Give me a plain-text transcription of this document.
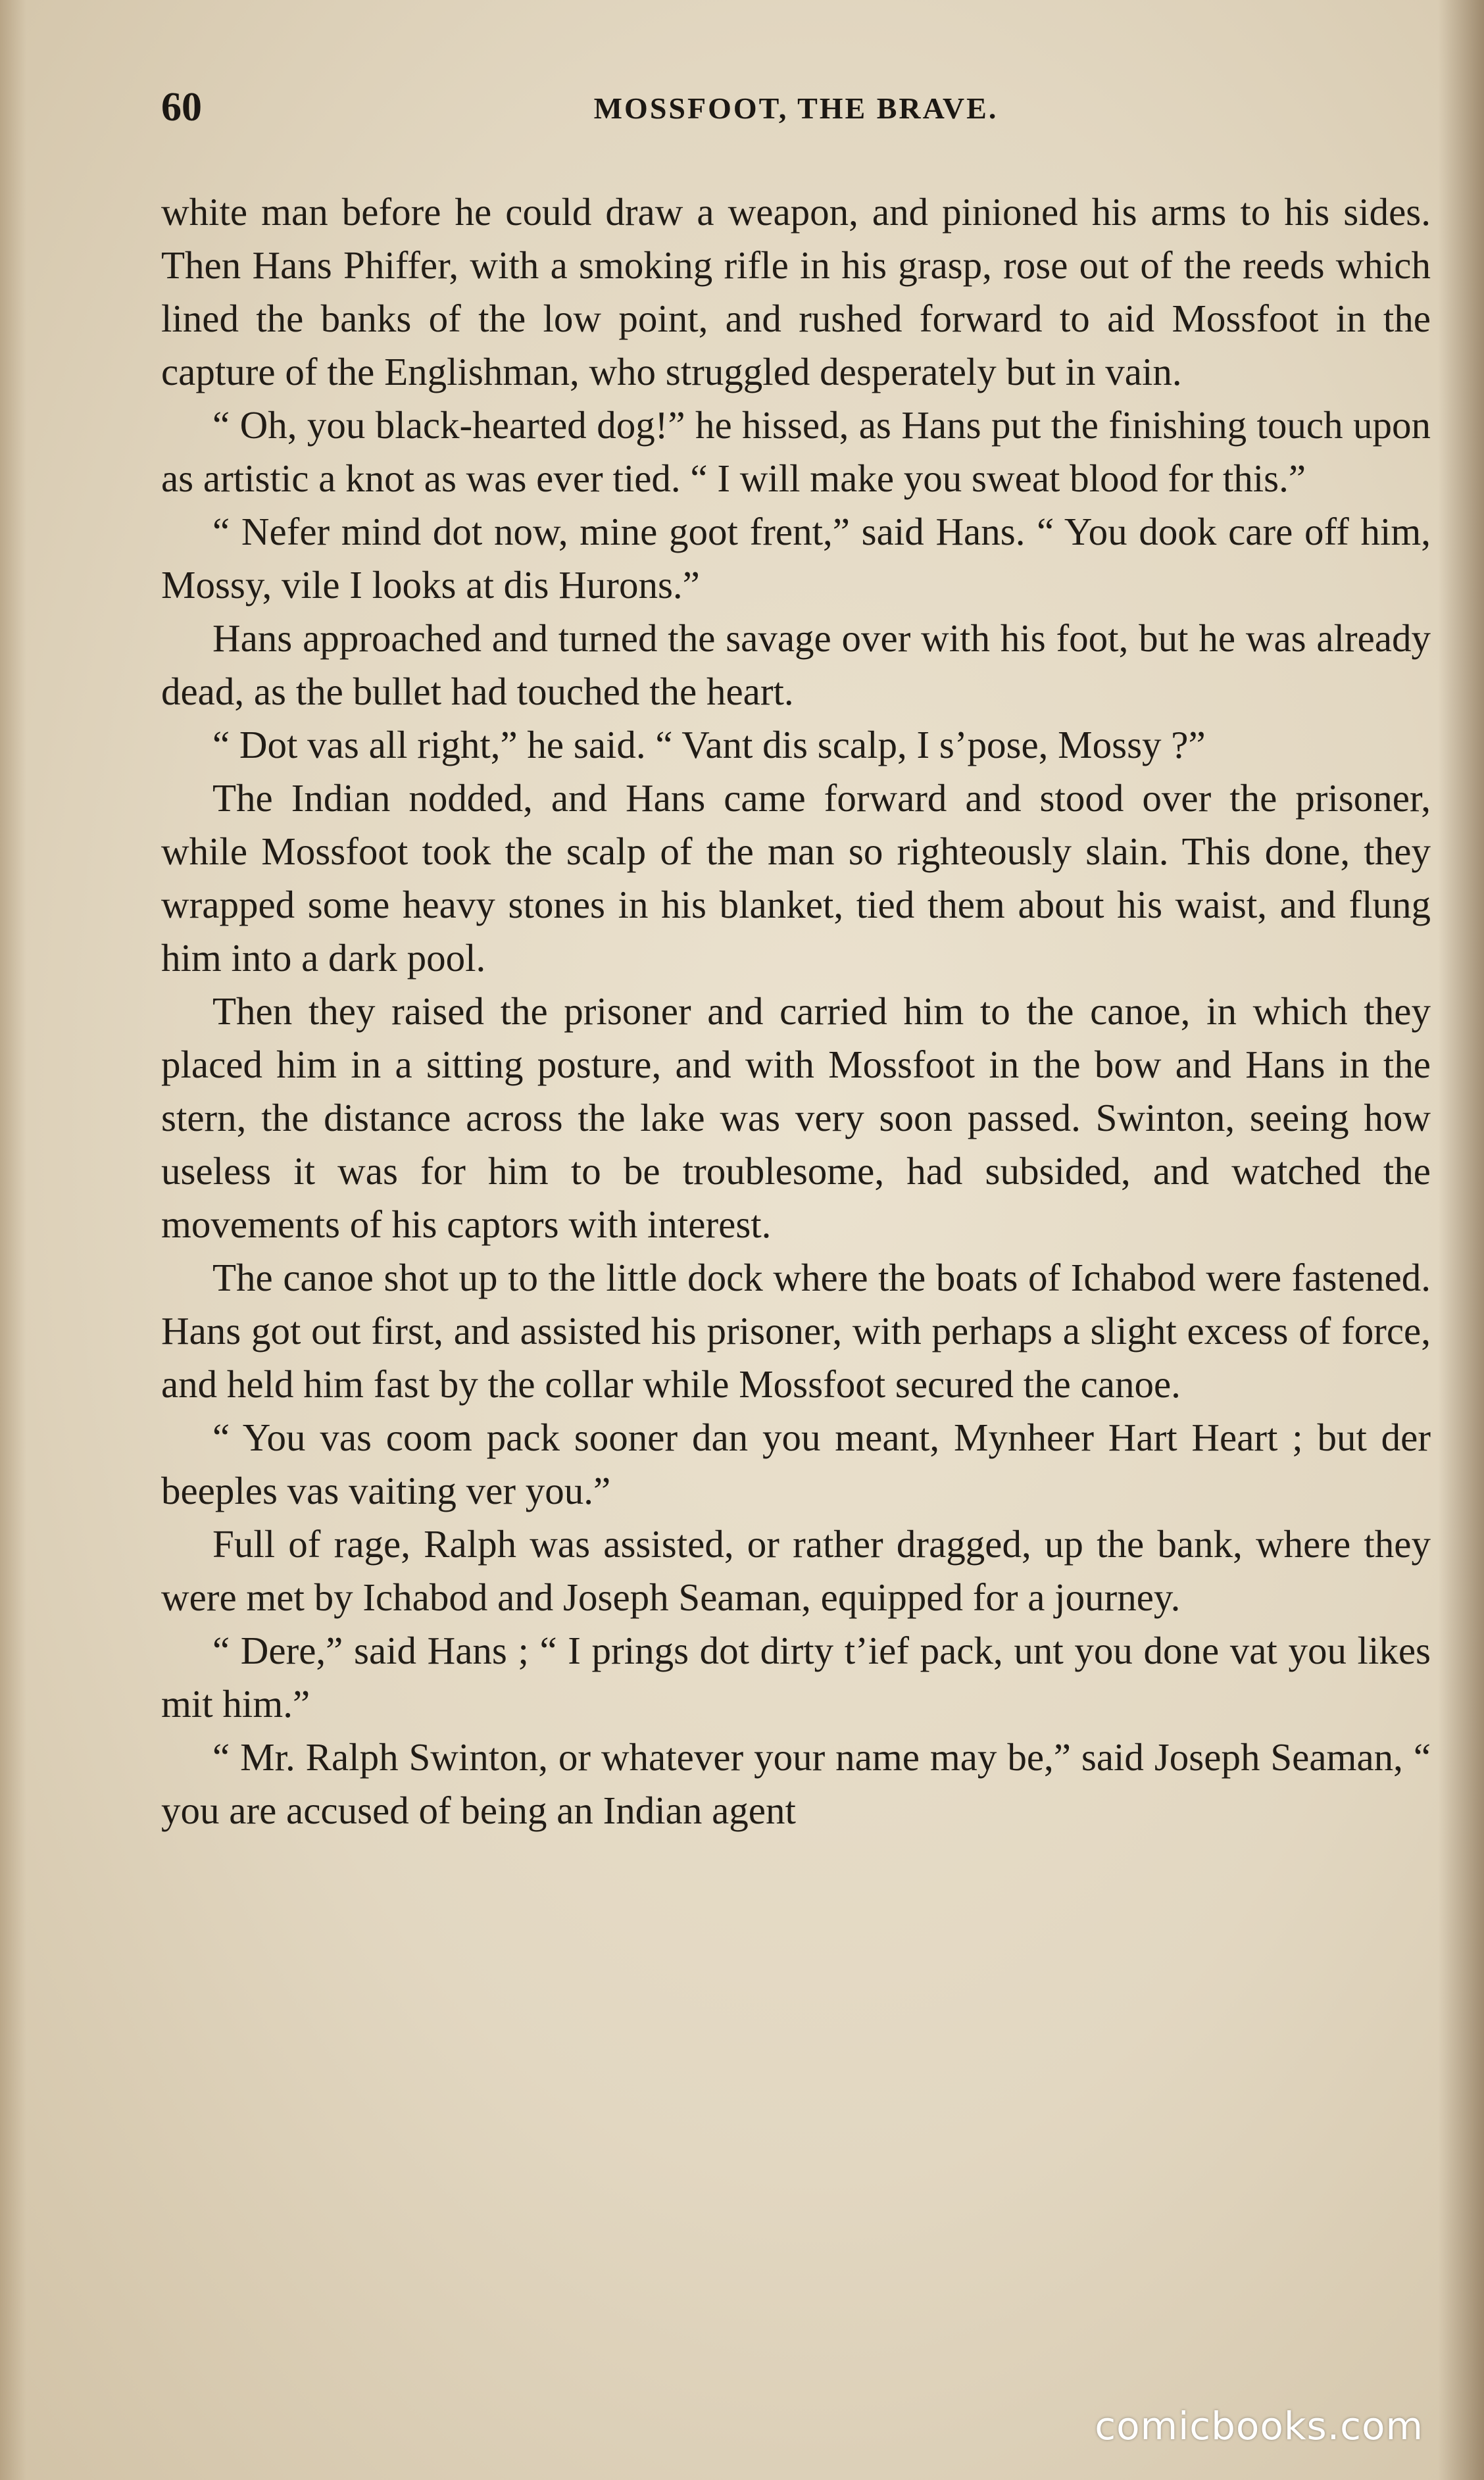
60	MOSSFOOT, THE BRAVE.

white man before he could draw a weapon, and pinioned his arms to his sides. Then Hans Phiffer, with a smoking rifle in his grasp, rose out of the reeds which lined the banks of the low point, and rushed forward to aid Mossfoot in the capture of the Englishman, who struggled desperately but in vain.

“ Oh, you black-hearted dog!” he hissed, as Hans put the finishing touch upon as artistic a knot as was ever tied. “ I will make you sweat blood for this.”

“ Nefer mind dot now, mine goot frent,” said Hans. “ You dook care off him, Mossy, vile I looks at dis Hurons.”

Hans approached and turned the savage over with his foot, but he was already dead, as the bullet had touched the heart.

“ Dot vas all right,” he said. “ Vant dis scalp, I s’pose, Mossy ?”

The Indian nodded, and Hans came forward and stood over the prisoner, while Mossfoot took the scalp of the man so righteously slain. This done, they wrapped some heavy stones in his blanket, tied them about his waist, and flung him into a dark pool.

Then they raised the prisoner and carried him to the canoe, in which they placed him in a sitting posture, and with Mossfoot in the bow and Hans in the stern, the distance across the lake was very soon passed. Swinton, seeing how useless it was for him to be troublesome, had subsided, and watched the movements of his captors with interest.

The canoe shot up to the little dock where the boats of Ichabod were fastened. Hans got out first, and assisted his prisoner, with perhaps a slight excess of force, and held him fast by the collar while Mossfoot secured the canoe.

“ You vas coom pack sooner dan you meant, Mynheer Hart Heart ; but der beeples vas vaiting ver you.”

Full of rage, Ralph was assisted, or rather dragged, up the bank, where they were met by Ichabod and Joseph Seaman, equipped for a journey.

“ Dere,” said Hans ; “ I prings dot dirty t’ief pack, unt you done vat you likes mit him.”

“ Mr. Ralph Swinton, or whatever your name may be,” said Joseph Seaman, “ you are accused of being an Indian agent

comicbooks.com
